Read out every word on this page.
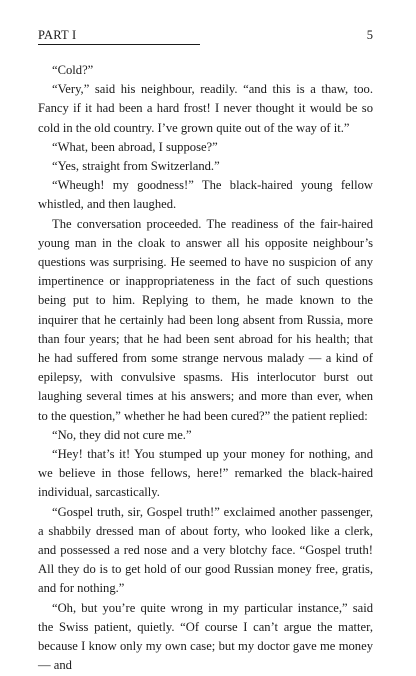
PART I	5

“Cold?”

“Very,” said his neighbour, readily. “and this is a thaw, too. Fancy if it had been a hard frost! I never thought it would be so cold in the old country. I’ve grown quite out of the way of it.”

“What, been abroad, I suppose?”

“Yes, straight from Switzerland.”

“Wheugh! my goodness!” The black-haired young fellow whistled, and then laughed.

The conversation proceeded. The readiness of the fair-haired young man in the cloak to answer all his opposite neighbour’s questions was surprising. He seemed to have no suspicion of any impertinence or inappropriateness in the fact of such questions being put to him. Replying to them, he made known to the inquirer that he certainly had been long absent from Russia, more than four years; that he had been sent abroad for his health; that he had suffered from some strange nervous malady — a kind of epilepsy, with convulsive spasms. His interlocutor burst out laughing several times at his answers; and more than ever, when to the question,” whether he had been cured?” the patient replied:

“No, they did not cure me.”

“Hey! that’s it! You stumped up your money for nothing, and we believe in those fellows, here!” remarked the black-haired individual, sarcastically.

“Gospel truth, sir, Gospel truth!” exclaimed another passenger, a shabbily dressed man of about forty, who looked like a clerk, and possessed a red nose and a very blotchy face. “Gospel truth! All they do is to get hold of our good Russian money free, gratis, and for nothing.”

“Oh, but you’re quite wrong in my particular instance,” said the Swiss patient, quietly. “Of course I can’t argue the matter, because I know only my own case; but my doctor gave me money — and
